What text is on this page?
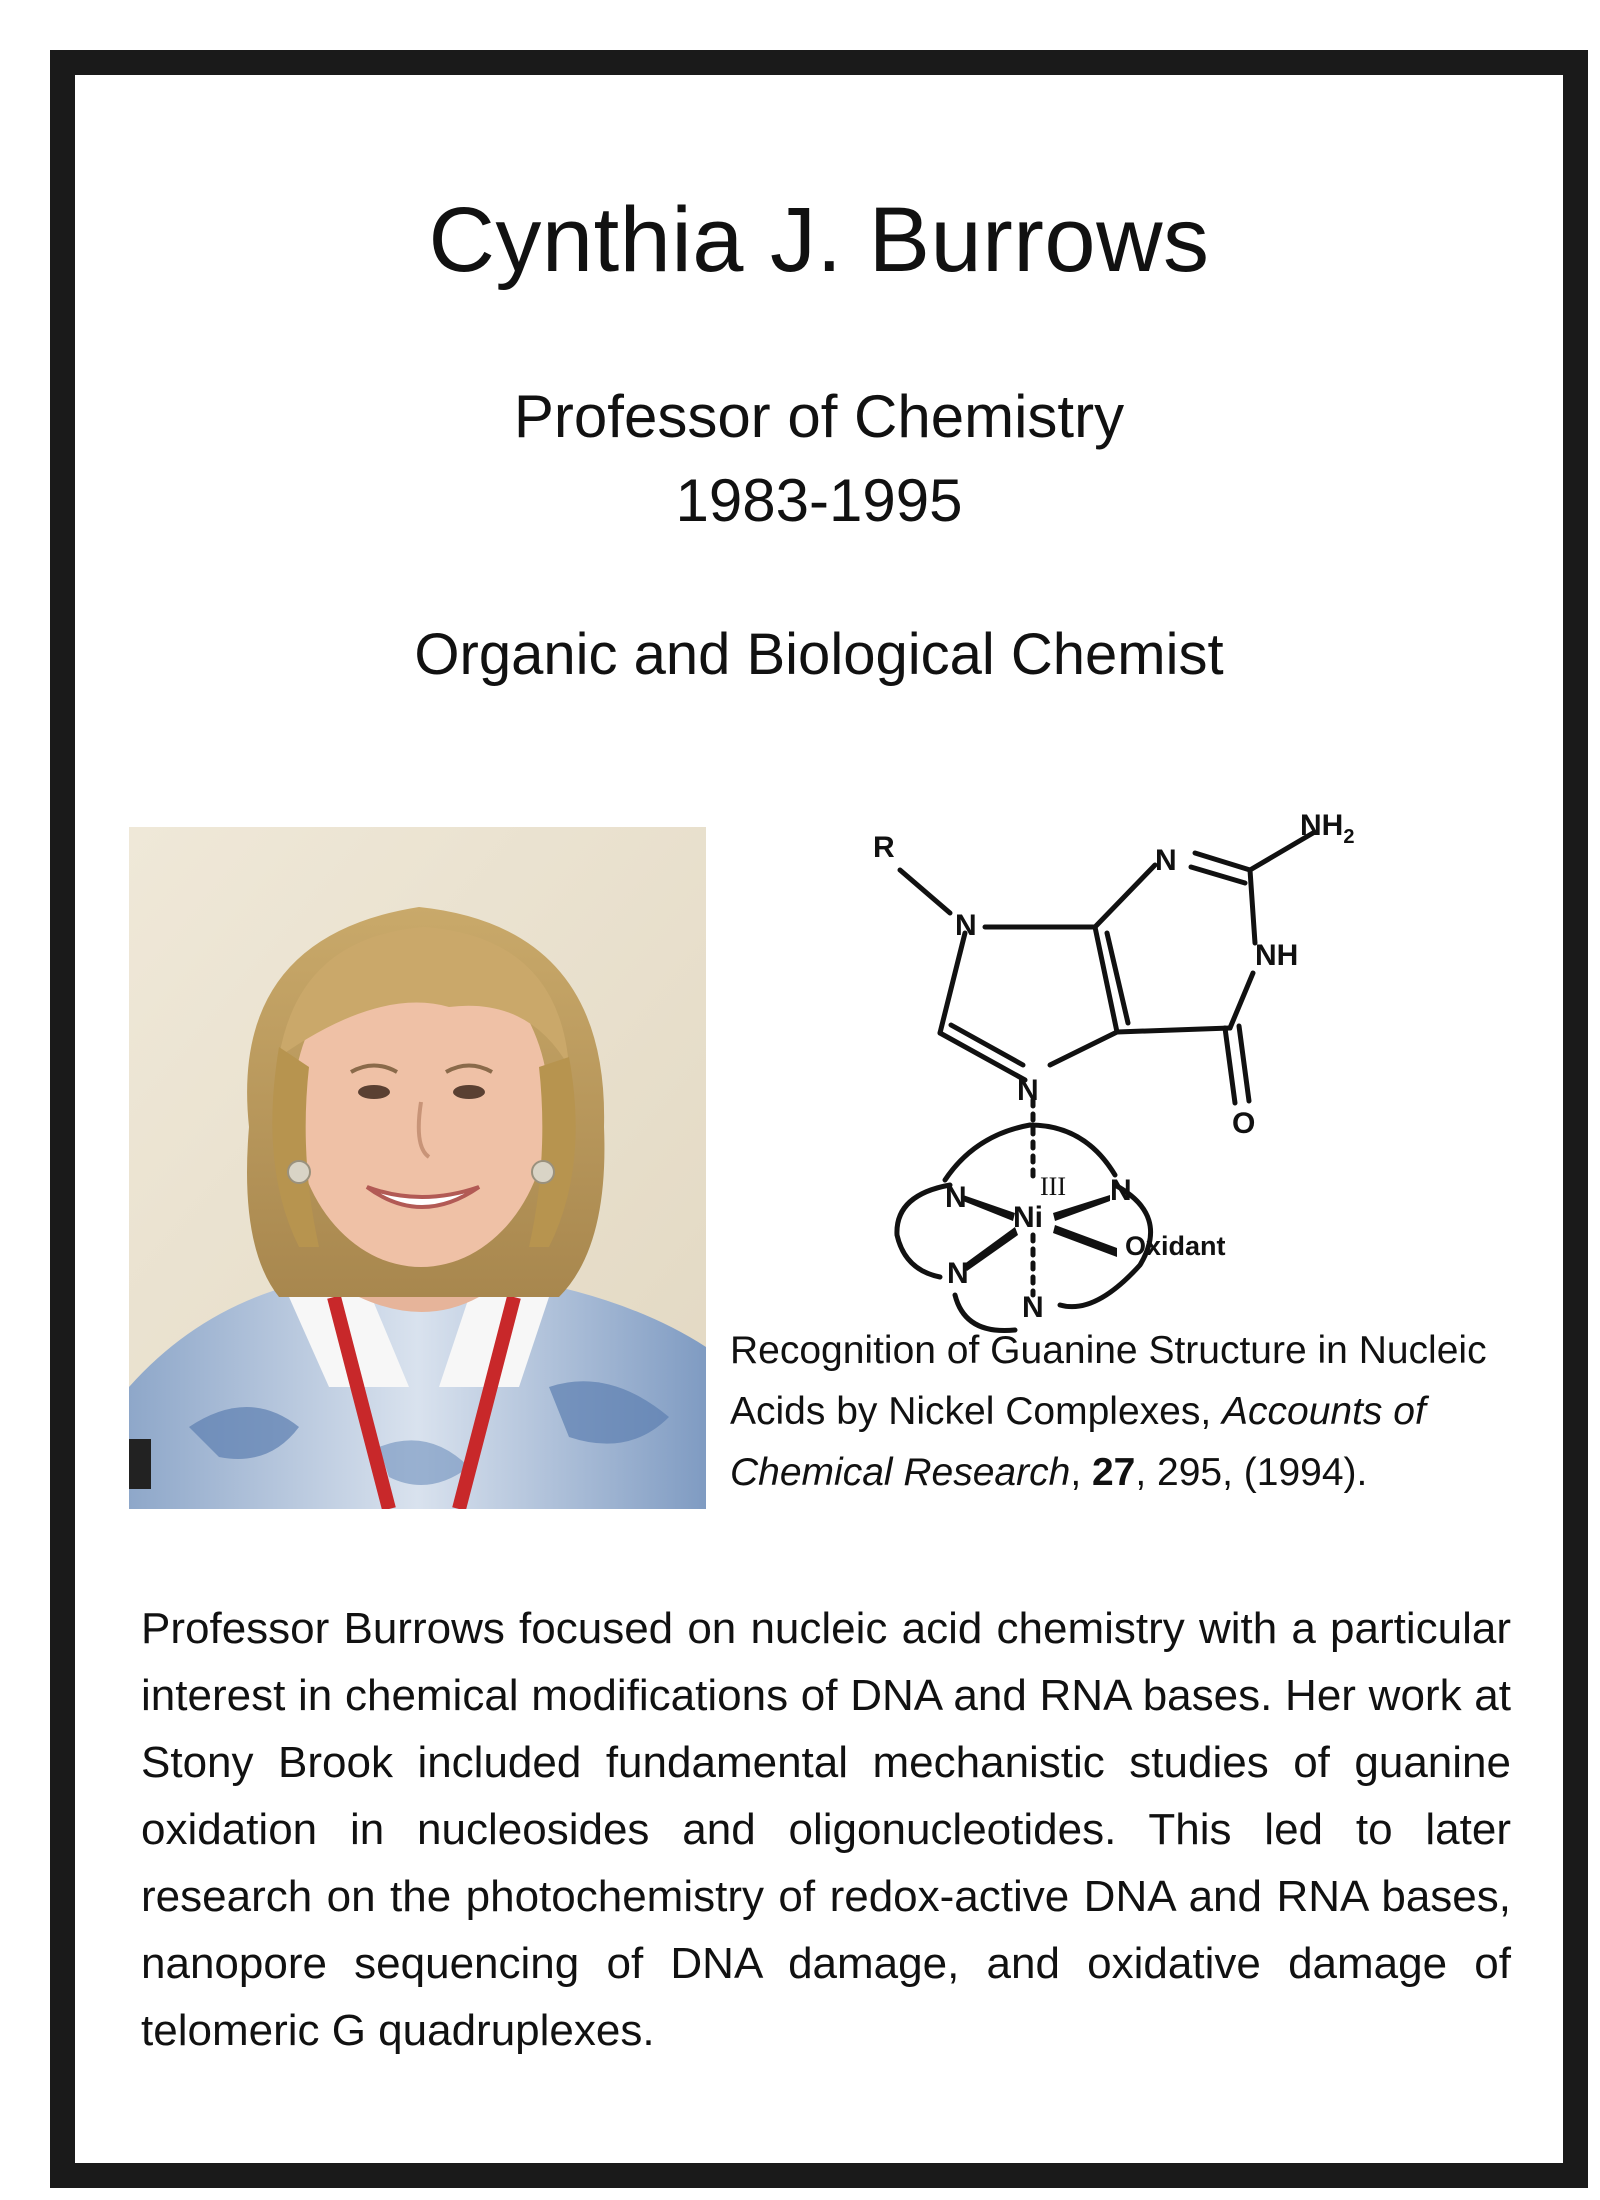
Cynthia J. Burrows
Professor of Chemistry
1983-1995
Organic and Biological Chemist
R
N
N
NH
N
O
$NH_2$
Ni
Oxidant
N	N
N
N
III
Recognition of Guanine Structure in Nucleic Acids by Nickel Complexes, Accounts of Chemical Research, 27, 295, (1994).
Professor Burrows focused on nucleic acid chemistry with a particular interest in chemical modifications of DNA and RNA bases. Her work at Stony Brook included fundamental mechanistic studies of guanine oxidation in nucleosides and oligonucleotides. This led to later research on the photochemistry of redox-active DNA and RNA bases, nanopore sequencing of DNA damage, and oxidative damage of telomeric G quadruplexes.
